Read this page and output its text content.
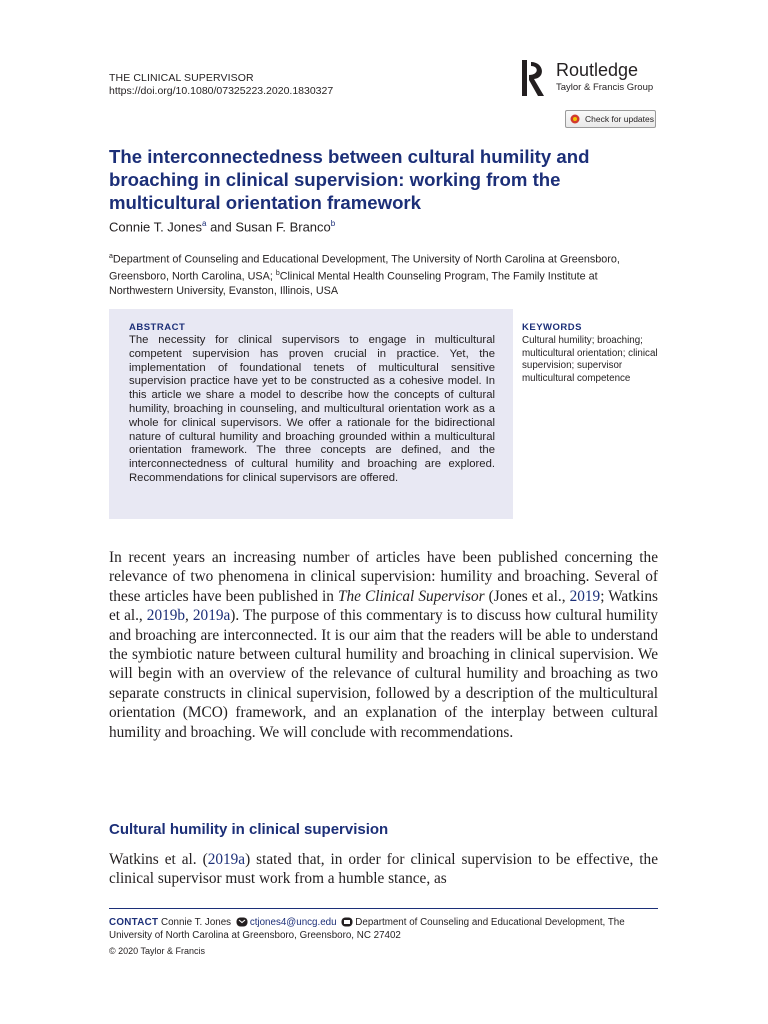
THE CLINICAL SUPERVISOR
https://doi.org/10.1080/07325223.2020.1830327
Routledge
Taylor & Francis Group
Check for updates
The interconnectedness between cultural humility and broaching in clinical supervision: working from the multicultural orientation framework
Connie T. Jones$^a$ and Susan F. Branco$^b$
$^a$Department of Counseling and Educational Development, The University of North Carolina at Greensboro, Greensboro, North Carolina, USA; $^b$Clinical Mental Health Counseling Program, The Family Institute at Northwestern University, Evanston, Illinois, USA
ABSTRACT
The necessity for clinical supervisors to engage in multicultural competent supervision has proven crucial in practice. Yet, the implementation of foundational tenets of multicultural sensitive supervision practice have yet to be constructed as a cohesive model. In this article we share a model to describe how the concepts of cultural humility, broaching in counseling, and multicultural orientation work as a whole for clinical supervisors. We offer a rationale for the bidirectional nature of cultural humility and broaching grounded within a multicultural orientation framework. The three concepts are defined, and the interconnectedness of cultural humility and broaching are explored. Recommendations for clinical supervisors are offered.
KEYWORDS
Cultural humility; broaching; multicultural orientation; clinical supervision; supervisor multicultural competence
In recent years an increasing number of articles have been published concerning the relevance of two phenomena in clinical supervision: humility and broaching. Several of these articles have been published in The Clinical Supervisor (Jones et al., 2019; Watkins et al., 2019b, 2019a). The purpose of this commentary is to discuss how cultural humility and broaching are interconnected. It is our aim that the readers will be able to understand the symbiotic nature between cultural humility and broaching in clinical supervision. We will begin with an overview of the relevance of cultural humility and broaching as two separate constructs in clinical supervision, followed by a description of the multicultural orientation (MCO) framework, and an explanation of the interplay between cultural humility and broaching. We will conclude with recommendations.
Cultural humility in clinical supervision
Watkins et al. (2019a) stated that, in order for clinical supervision to be effective, the clinical supervisor must work from a humble stance, as
CONTACT Connie T. Jones ctjones4@uncg.edu Department of Counseling and Educational Development, The University of North Carolina at Greensboro, Greensboro, NC 27402
© 2020 Taylor & Francis
